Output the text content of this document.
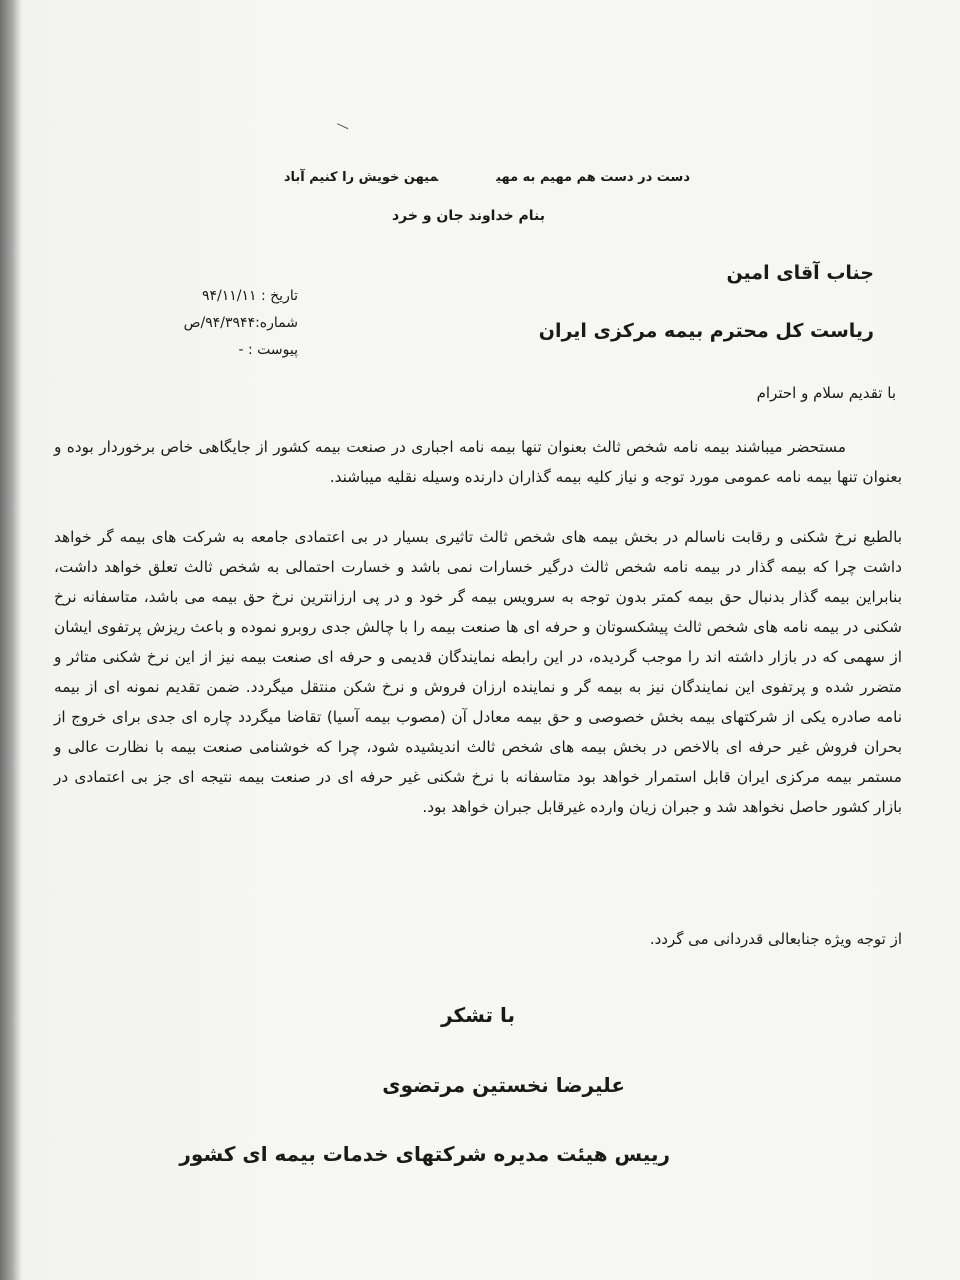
دست در دست هم مهیم به مهیمیهن خویش را کنیم آباد

بنام خداوند جان و خرد

جناب آقای امین

ریاست کل محترم بیمه مرکزی ایران

تاریخ : ۹۴/۱۱/۱۱
شماره:۹۴/۳۹۴۴/ص
پیوست : -

با تقدیم سلام و احترام

مستحضر میباشند بیمه نامه شخص ثالث بعنوان تنها بیمه نامه اجباری در صنعت بیمه کشور از جایگاهی خاص برخوردار بوده و بعنوان تنها بیمه نامه عمومی مورد توجه و نیاز کلیه بیمه گذاران دارنده وسیله نقلیه میباشند.

بالطبع نرخ شکنی و رقابت ناسالم در بخش بیمه های شخص ثالث تاثیری بسیار در بی اعتمادی جامعه به شرکت های بیمه گر خواهد داشت چرا که بیمه گذار در بیمه نامه شخص ثالث درگیر خسارات نمی باشد و خسارت احتمالی به شخص ثالث تعلق خواهد داشت، بنابراین بیمه گذار بدنبال حق بیمه کمتر بدون توجه به سرویس بیمه گر خود و در پی ارزانترین نرخ حق بیمه می باشد، متاسفانه نرخ شکنی در بیمه نامه های شخص ثالث پیشکسوتان و حرفه ای ها صنعت بیمه را با چالش جدی روبرو نموده و باعث ریزش پرتفوی ایشان از سهمی که در بازار داشته اند را موجب گردیده، در این رابطه نمایندگان قدیمی و حرفه ای صنعت بیمه نیز از این نرخ شکنی متاثر و متضرر شده و پرتفوی این نمایندگان نیز به بیمه گر و نماینده ارزان فروش و نرخ شکن منتقل میگردد. ضمن تقدیم نمونه ای از بیمه نامه صادره یکی از شرکتهای بیمه بخش خصوصی و حق بیمه معادل آن (مصوب بیمه آسیا) تقاضا میگردد چاره ای جدی برای خروج از بحران فروش غیر حرفه ای بالاخص در بخش بیمه های شخص ثالث اندیشیده شود، چرا که خوشنامی صنعت بیمه با نظارت عالی و مستمر بیمه مرکزی ایران قابل استمرار خواهد بود متاسفانه با نرخ شکنی غیر حرفه ای در صنعت بیمه نتیجه ای جز بی اعتمادی در بازار کشور حاصل نخواهد شد و جبران زیان وارده غیرقابل جبران خواهد بود.

از توجه ویژه جنابعالی قدردانی می گردد.

با تشکر

علیرضا نخستین مرتضوی

رییس هیئت مدیره شرکتهای خدمات بیمه ای کشور
